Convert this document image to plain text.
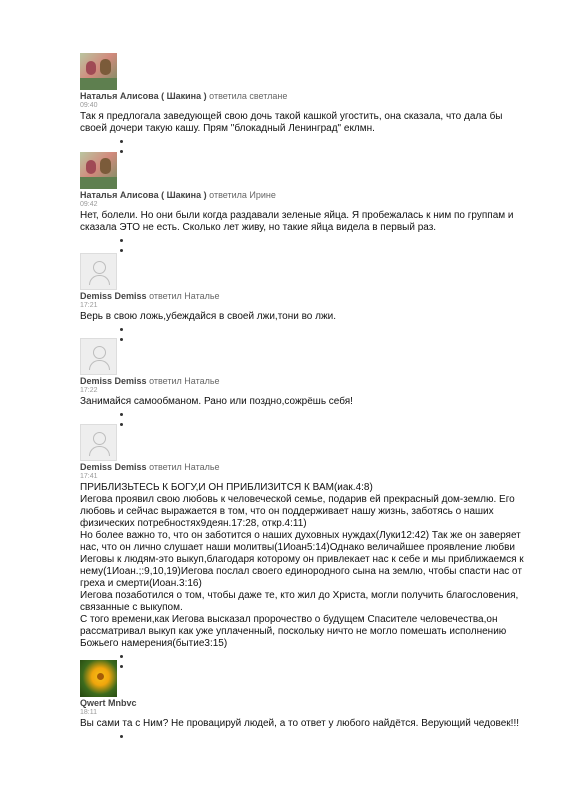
Наталья Алисова ( Шакина ) ответила светлане
09:40
Так я предлогала заведующей свою дочь такой кашкой угостить, она сказала, что дала бы своей дочери такую кашу. Прям "блокадный Ленинград" еклмн.
Наталья Алисова ( Шакина ) ответила Ирине
09:42
Нет, болели. Но они были когда раздавали зеленые яйца. Я пробежалась к ним по группам и сказала ЭТО не есть. Сколько лет живу, но такие яйца видела в первый раз.
Demiss Demiss ответил Наталье
17:21
Верь в свою ложь,убеждайся в своей лжи,тони во лжи.
Demiss Demiss ответил Наталье
17:22
Занимайся самообманом. Рано или поздно,сожрёшь себя!
Demiss Demiss ответил Наталье
17:41
ПРИБЛИЗЬТЕСЬ К БОГУ,И ОН ПРИБЛИЗИТСЯ К ВАМ(иак.4:8)
Иегова проявил свою любовь к человеческой семье, подарив ей прекрасный дом-землю. Его любовь и сейчас выражается в том, что он поддерживает нашу жизнь, заботясь о наших физических потребностях9деян.17:28, откр.4:11)
Но более важно то, что он заботится о наших духовных нуждах(Луки12:42) Так же он заверяет нас, что он лично слушает наши молитвы(1Иоан5:14)Однако величайшее проявление любви Иеговы к людям-это выкуп,благодаря которому он привлекает нас к себе и мы приближаемся к нему(1Иоан.;:9,10,19)Иегова послал своего единородного сына на землю, чтобы спасти нас от греха и смерти(Иоан.3:16)
Иегова позаботился о том, чтобы даже те, кто жил до Христа, могли получить благословения, связанные с выкупом.
С того времени,как Иегова высказал пророчество о будущем Спасителе человечества,он рассматривал выкуп как уже уплаченный, поскольку ничто не могло помешать исполнению Божьего намерения(бытие3:15)
Qwert Mnbvc
18:11
Вы сами та с Ним? Не провацируй людей, а то ответ у любого найдётся. Верующий чедовек!!!
